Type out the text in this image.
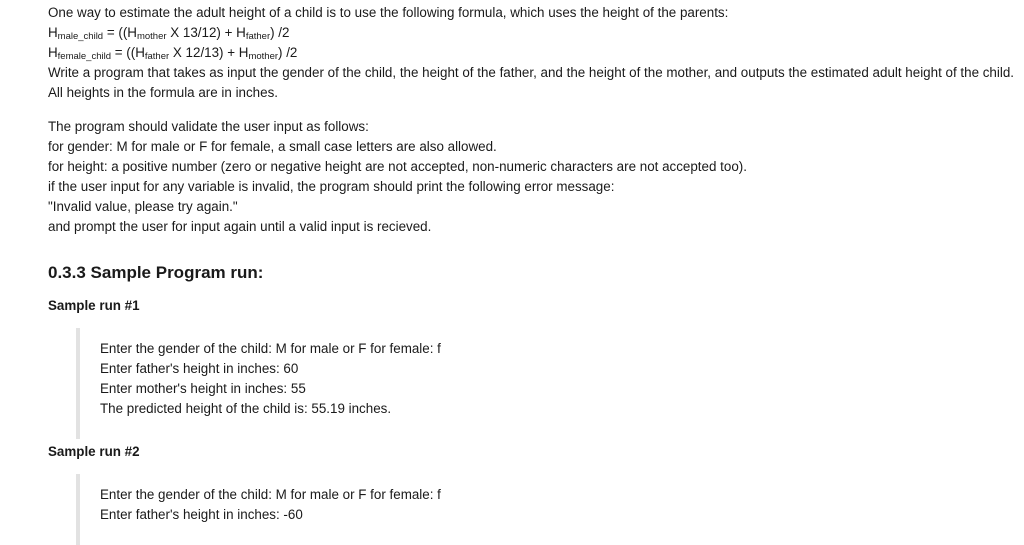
One way to estimate the adult height of a child is to use the following formula, which uses the height of the parents:

$H_{male\_child} = ((H_{mother}$ X $13/12) + H_{father}$) /2

$H_{female\_child} = ((H_{father}$ X $12/13) + H_{mother}$) /2

Write a program that takes as input the gender of the child, the height of the father, and the height of the mother, and outputs the estimated adult height of the child. All heights in the formula are in inches.

The program should validate the user input as follows:

for gender: M for male or F for female, a small case letters are also allowed.

for height: a positive number (zero or negative height are not accepted, non-numeric characters are not accepted too).

if the user input for any variable is invalid, the program should print the following error message:

"Invalid value, please try again."

and prompt the user for input again until a valid input is recieved.

0.3.3 Sample Program run:

Sample run #1

Enter the gender of the child: M for male or F for female: f

Enter father's height in inches: 60

Enter mother's height in inches: 55

The predicted height of the child is: 55.19 inches.

Sample run #2

Enter the gender of the child: M for male or F for female: f

Enter father's height in inches: -60
